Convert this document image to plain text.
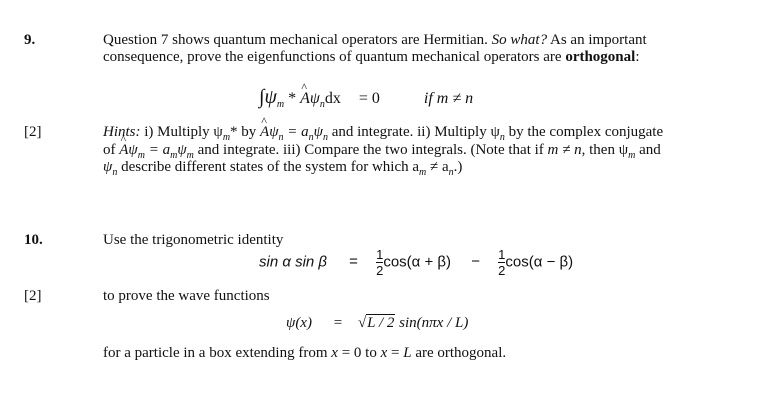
9.	Question 7 shows quantum mechanical operators are Hermitian. So what? As an important
consequence, prove the eigenfunctions of quantum mechanical operators are orthogonal:
$\int\psi_m$ * ^ $A\psi_ndx = 0$	if m ≠ n
[2]	Hints: i) Multiply $\psi_m*$ by ^ $A\psi_n = a_n\psi_n$ and integrate. ii) Multiply $\psi_n$ by the complex conjugate
of ^ $A\psi_m = a_m\psi_m$ and integrate. iii) Compare the two integrals. (Note that if m ≠ n, then $\psi_m$ and
$\psi_n$ describe different states of the system for which $a_m \ne a_n$.)
10.	Use the trigonometric identity
sin α $\sin \beta = \frac{1}{2} \cos(\alpha + \beta) - \frac{1}{2} \cos(\alpha - \beta)$
[2]	to prove the wave functions
ψ(x) = √L / 2 sin(nπx / L)
for a particle in a box extending from x = 0 to x = L are orthogonal.
